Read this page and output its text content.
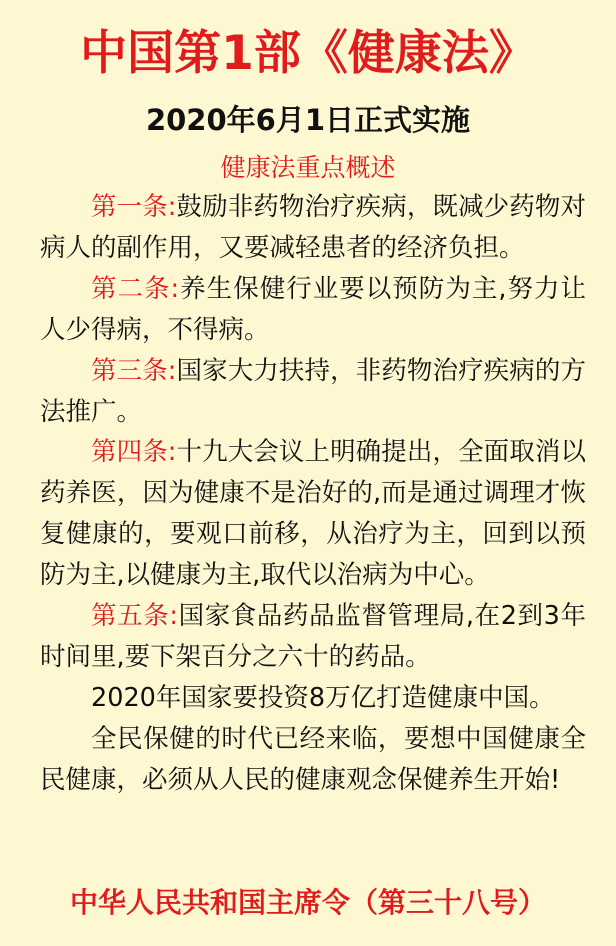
中国第1部《健康法》
2020年6月1日正式实施
健康法重点概述

第一条:鼓励非药物治疗疾病，既减少药物对病人的副作用，又要减轻患者的经济负担。

第二条:养生保健行业要以预防为主,努力让人少得病，不得病。

第三条:国家大力扶持，非药物治疗疾病的方法推广。

第四条:十九大会议上明确提出，全面取消以药养医，因为健康不是治好的,而是通过调理才恢复健康的，要观口前移，从治疗为主，回到以预防为主,以健康为主,取代以治病为中心。

第五条:国家食品药品监督管理局,在2到3年时间里,要下架百分之六十的药品。

2020年国家要投资8万亿打造健康中国。

全民保健的时代已经来临，要想中国健康全民健康，必须从人民的健康观念保健养生开始!

中华人民共和国主席令（第三十八号）
